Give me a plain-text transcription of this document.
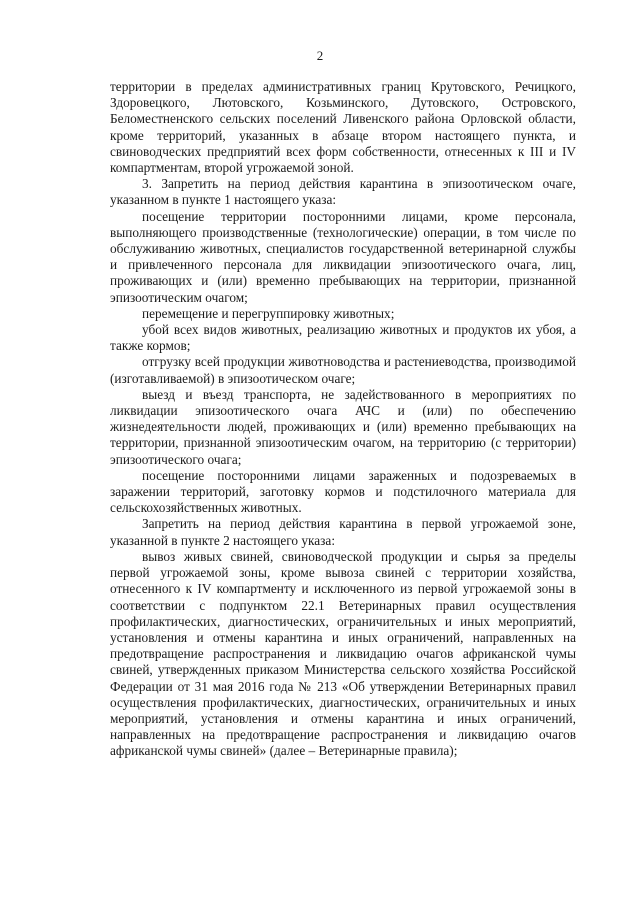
2

территории в пределах административных границ Крутовского, Речицкого, Здоровецкого, Лютовского, Козьминского, Дутовского, Островского, Беломестненского сельских поселений Ливенского района Орловской области, кроме территорий, указанных в абзаце втором настоящего пункта, и свиноводческих предприятий всех форм собственности, отнесенных к III и IV компартментам, второй угрожаемой зоной.

3. Запретить на период действия карантина в эпизоотическом очаге, указанном в пункте 1 настоящего указа:

посещение территории посторонними лицами, кроме персонала, выполняющего производственные (технологические) операции, в том числе по обслуживанию животных, специалистов государственной ветеринарной службы и привлеченного персонала для ликвидации эпизоотического очага, лиц, проживающих и (или) временно пребывающих на территории, признанной эпизоотическим очагом;

перемещение и перегруппировку животных;

убой всех видов животных, реализацию животных и продуктов их убоя, а также кормов;

отгрузку всей продукции животноводства и растениеводства, производимой (изготавливаемой) в эпизоотическом очаге;

выезд и въезд транспорта, не задействованного в мероприятиях по ликвидации эпизоотического очага АЧС и (или) по обеспечению жизнедеятельности людей, проживающих и (или) временно пребывающих на территории, признанной эпизоотическим очагом, на территорию (с территории) эпизоотического очага;

посещение посторонними лицами зараженных и подозреваемых в заражении территорий, заготовку кормов и подстилочного материала для сельскохозяйственных животных.

Запретить на период действия карантина в первой угрожаемой зоне, указанной в пункте 2 настоящего указа:

вывоз живых свиней, свиноводческой продукции и сырья за пределы первой угрожаемой зоны, кроме вывоза свиней с территории хозяйства, отнесенного к IV компартменту и исключенного из первой угрожаемой зоны в соответствии с подпунктом 22.1 Ветеринарных правил осуществления профилактических, диагностических, ограничительных и иных мероприятий, установления и отмены карантина и иных ограничений, направленных на предотвращение распространения и ликвидацию очагов африканской чумы свиней, утвержденных приказом Министерства сельского хозяйства Российской Федерации от 31 мая 2016 года № 213 «Об утверждении Ветеринарных правил осуществления профилактических, диагностических, ограничительных и иных мероприятий, установления и отмены карантина и иных ограничений, направленных на предотвращение распространения и ликвидацию очагов африканской чумы свиней» (далее – Ветеринарные правила);
